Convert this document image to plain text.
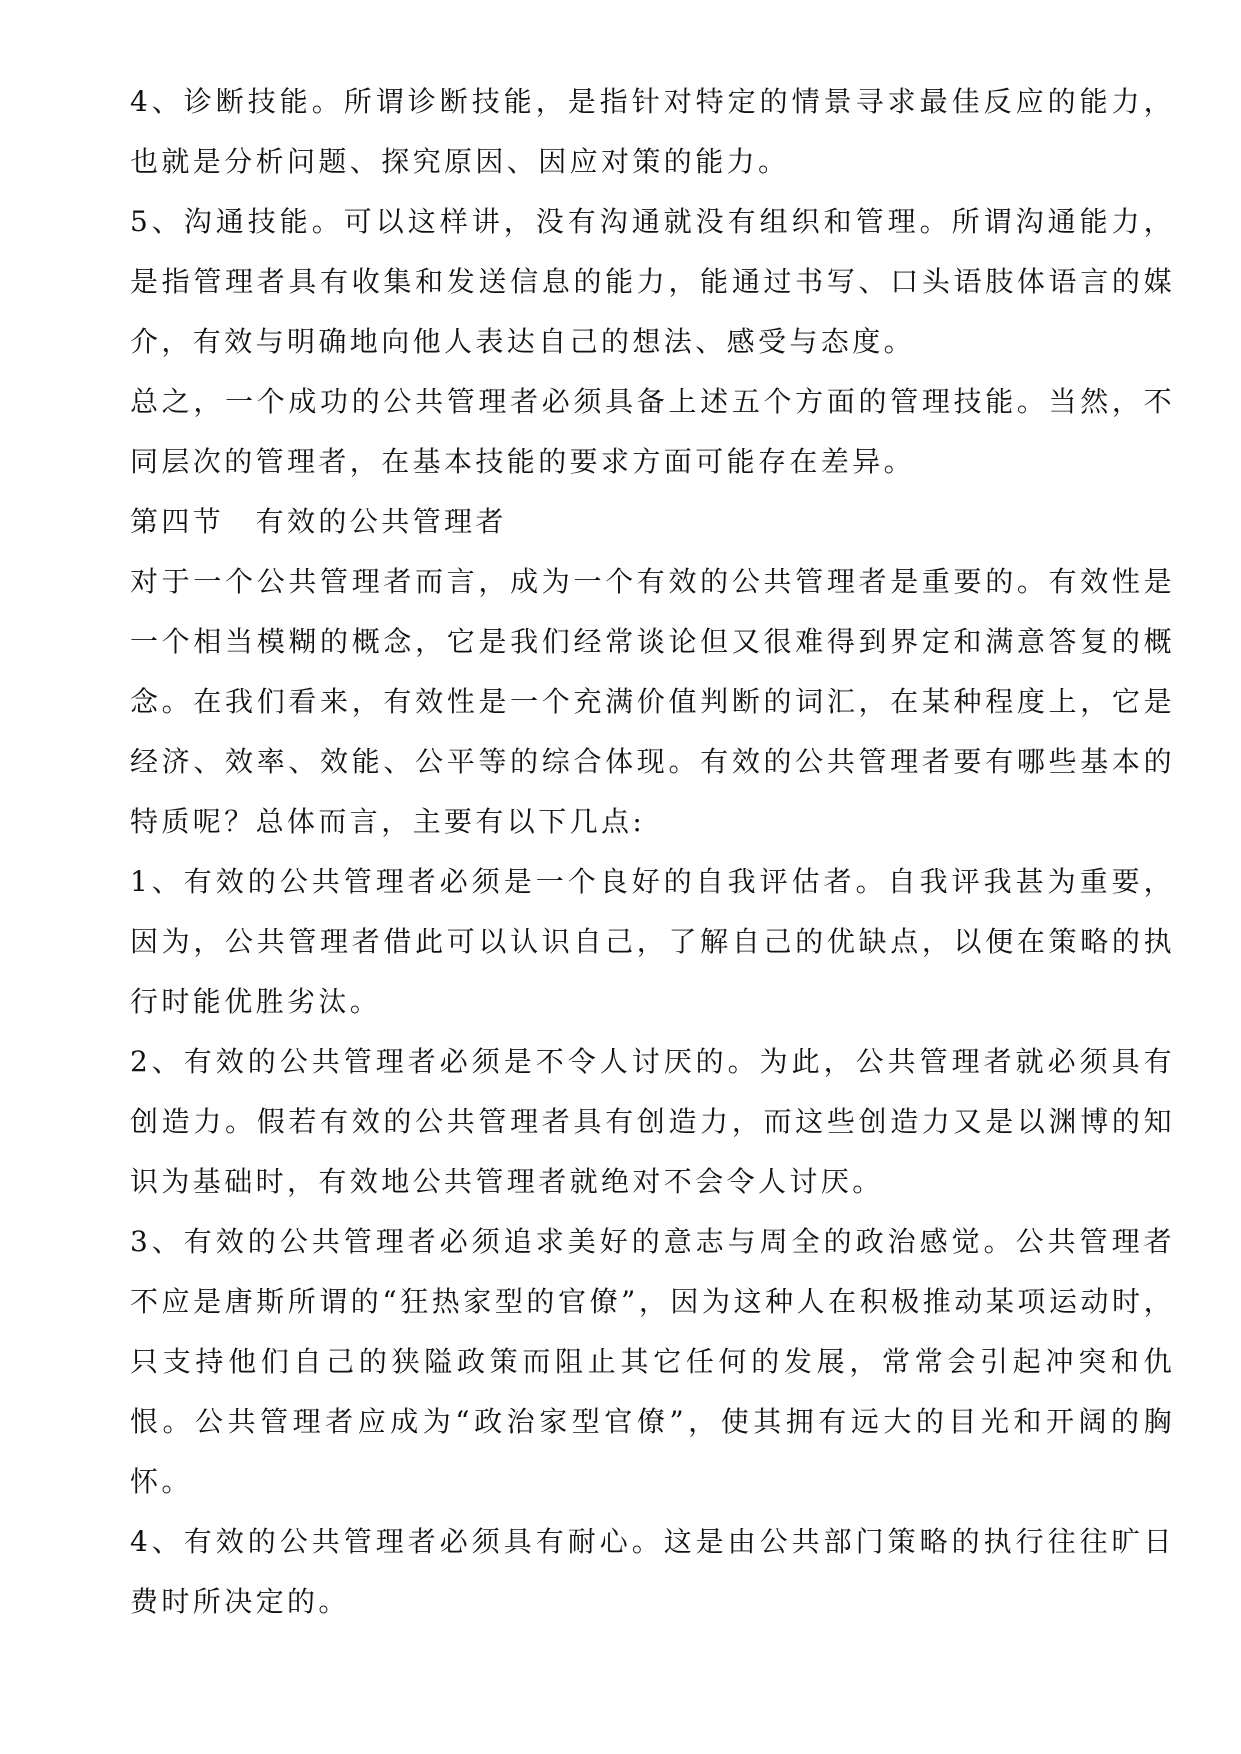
4、诊断技能。所谓诊断技能，是指针对特定的情景寻求最佳反应的能力，也就是分析问题、探究原因、因应对策的能力。

5、沟通技能。可以这样讲，没有沟通就没有组织和管理。所谓沟通能力，是指管理者具有收集和发送信息的能力，能通过书写、口头语肢体语言的媒介，有效与明确地向他人表达自己的想法、感受与态度。

总之，一个成功的公共管理者必须具备上述五个方面的管理技能。当然，不同层次的管理者，在基本技能的要求方面可能存在差异。

第四节　有效的公共管理者

对于一个公共管理者而言，成为一个有效的公共管理者是重要的。有效性是一个相当模糊的概念，它是我们经常谈论但又很难得到界定和满意答复的概念。在我们看来，有效性是一个充满价值判断的词汇，在某种程度上，它是经济、效率、效能、公平等的综合体现。有效的公共管理者要有哪些基本的特质呢？总体而言，主要有以下几点:

1、有效的公共管理者必须是一个良好的自我评估者。自我评我甚为重要，因为，公共管理者借此可以认识自己，了解自己的优缺点，以便在策略的执行时能优胜劣汰。

2、有效的公共管理者必须是不令人讨厌的。为此，公共管理者就必须具有创造力。假若有效的公共管理者具有创造力，而这些创造力又是以渊博的知识为基础时，有效地公共管理者就绝对不会令人讨厌。

3、有效的公共管理者必须追求美好的意志与周全的政治感觉。公共管理者不应是唐斯所谓的“狂热家型的官僚”，因为这种人在积极推动某项运动时，只支持他们自己的狭隘政策而阻止其它任何的发展，常常会引起冲突和仇恨。公共管理者应成为“政治家型官僚”，使其拥有远大的目光和开阔的胸怀。

4、有效的公共管理者必须具有耐心。这是由公共部门策略的执行往往旷日费时所决定的。
